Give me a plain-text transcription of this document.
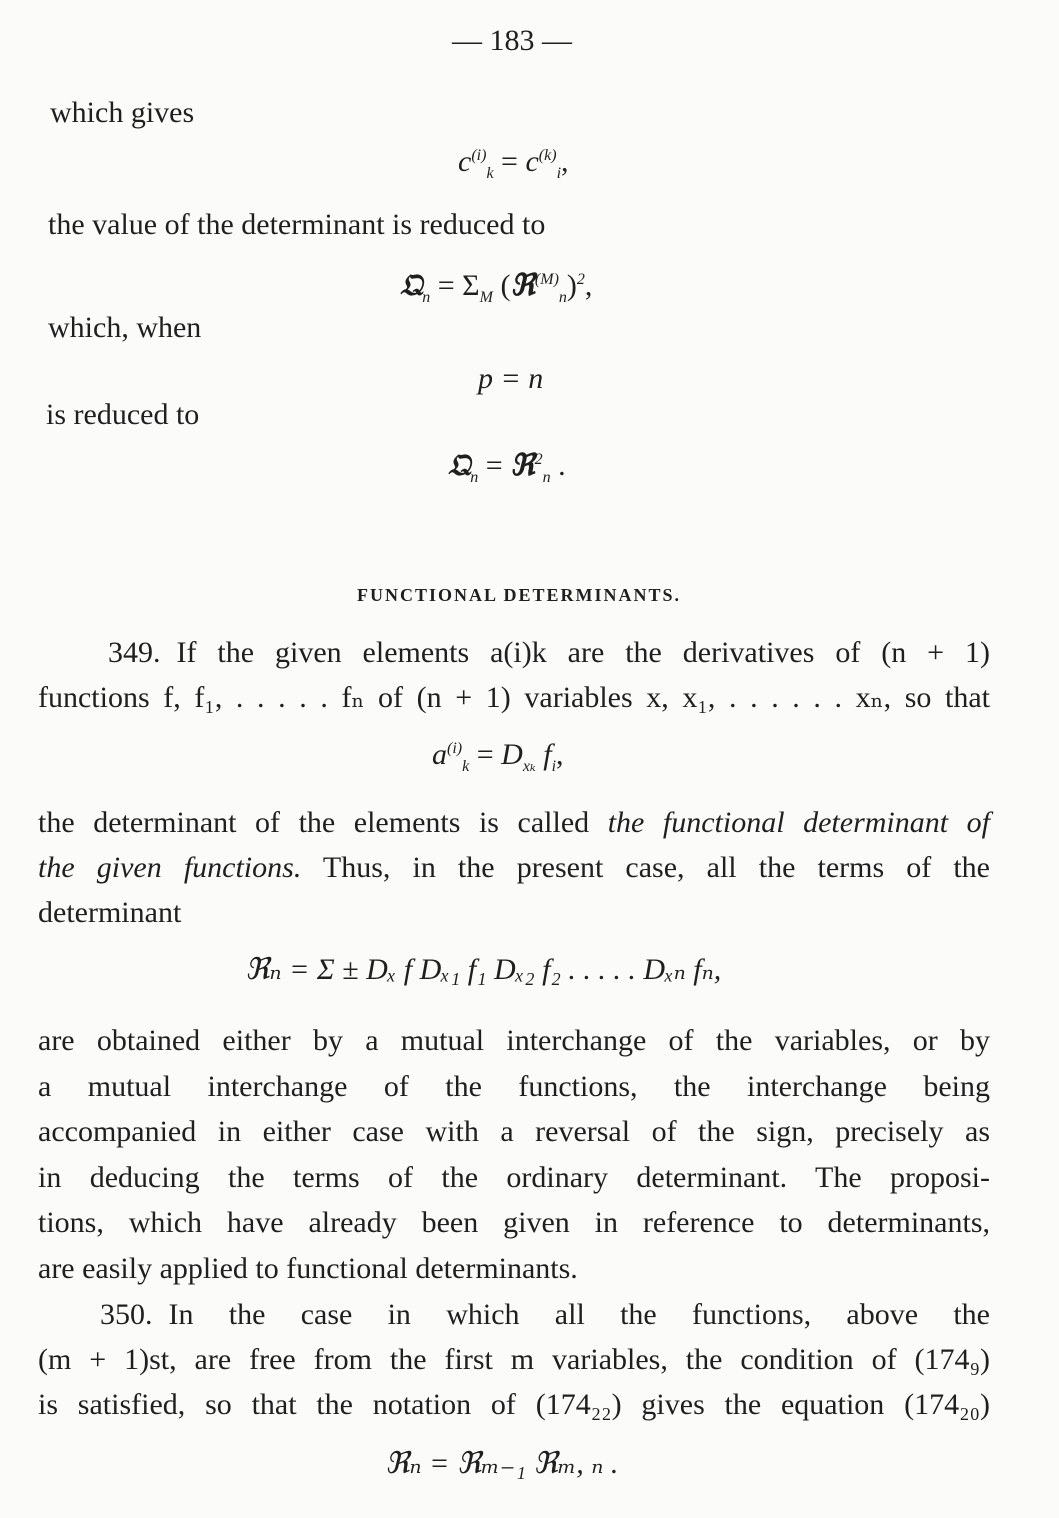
— 183 —
which gives
$c^{(i)}_k = c^{(k)}_i$,
the value of the determinant is reduced to
𝔔$_n$ = $\Sigma_M$ (ℜ$^{(M)}_n$)$^2$,
which, when
p = n
is reduced to
𝔔$_n$ = ℜ$^2_n$ .
FUNCTIONAL DETERMINANTS.
349. If the given elements a(i)k are the derivatives of (n + 1)
functions f, f₁, . . . . . fₙ of (n + 1) variables x, x₁, . . . . . . xₙ, so that
$a^{(i)}_k = D_{x_k}$ $f_i$,
the determinant of the elements is called the functional determinant of
the given functions. Thus, in the present case, all the terms of the
determinant
ℜₙ = Σ ± Dₓ f Dₓ₁ f₁ Dₓ₂ f₂ . . . . . Dₓₙ fₙ,
are obtained either by a mutual interchange of the variables, or by
a mutual interchange of the functions, the interchange being
accompanied in either case with a reversal of the sign, precisely as
in deducing the terms of the ordinary determinant. The proposi-
tions, which have already been given in reference to determinants,
are easily applied to functional determinants.
350. In the case in which all the functions, above the
(m + 1)st, are free from the first m variables, the condition of (174₉)
is satisfied, so that the notation of (174₂₂) gives the equation (174₂₀)
ℜₙ = ℜₘ₋₁ ℜₘ, ₙ .
